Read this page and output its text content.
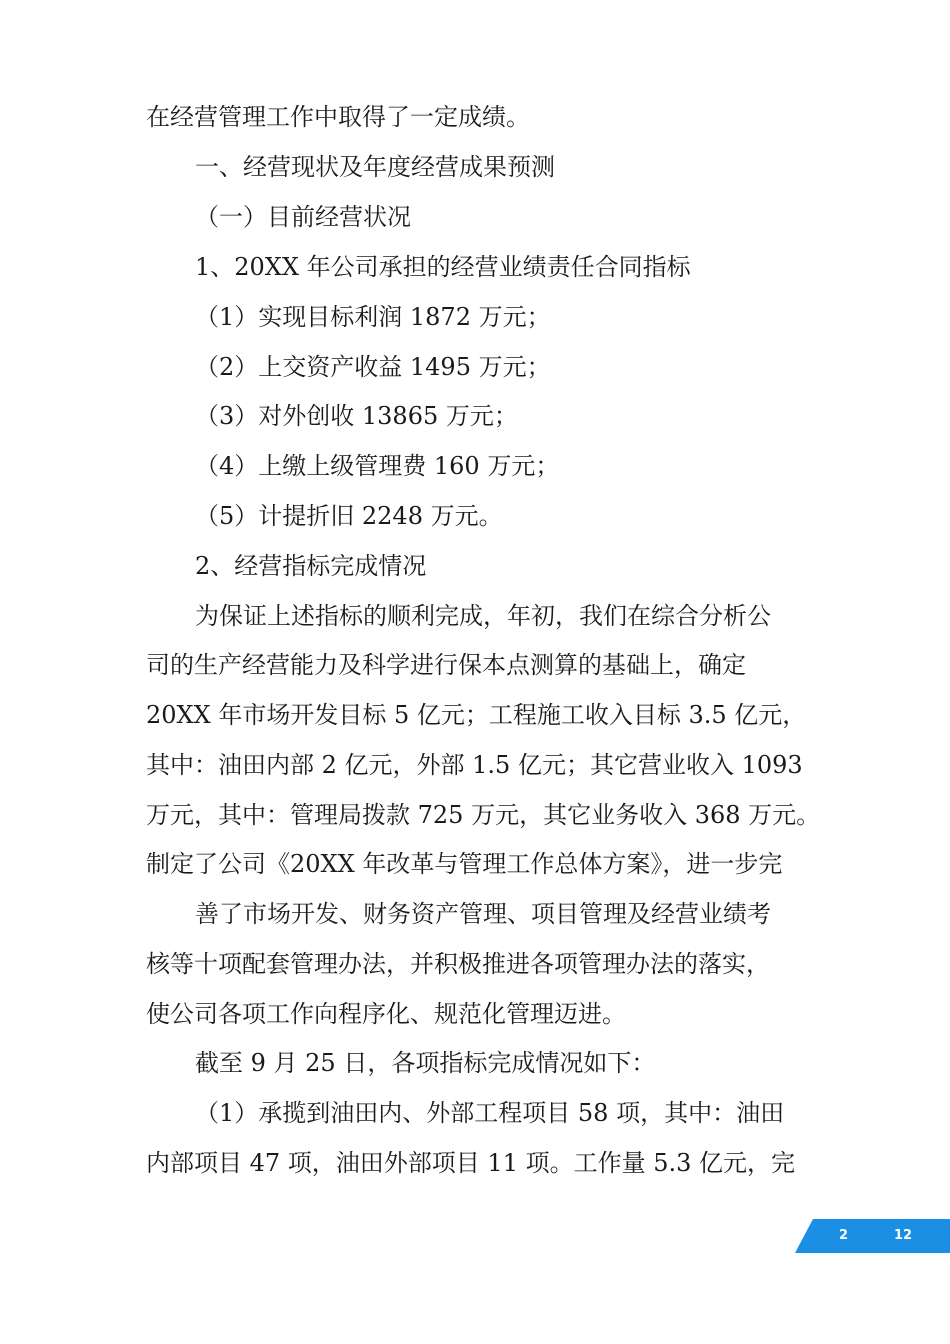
在经营管理工作中取得了一定成绩。
一、经营现状及年度经营成果预测
（一）目前经营状况
1、20XX 年公司承担的经营业绩责任合同指标
（1）实现目标利润 1872 万元；
（2）上交资产收益 1495 万元；
（3）对外创收 13865 万元；
（4）上缴上级管理费 160 万元；
（5）计提折旧 2248 万元。
2、经营指标完成情况
为保证上述指标的顺利完成，年初，我们在综合分析公
司的生产经营能力及科学进行保本点测算的基础上，确定
20XX 年市场开发目标 5 亿元；工程施工收入目标 3.5 亿元，
其中：油田内部 2 亿元，外部 1.5 亿元；其它营业收入 1093
万元，其中：管理局拨款 725 万元，其它业务收入 368 万元。
制定了公司《20XX 年改革与管理工作总体方案》，进一步完
善了市场开发、财务资产管理、项目管理及经营业绩考
核等十项配套管理办法，并积极推进各项管理办法的落实，
使公司各项工作向程序化、规范化管理迈进。
截至 9 月 25 日，各项指标完成情况如下：
（1）承揽到油田内、外部工程项目 58 项，其中：油田
内部项目 47 项，油田外部项目 11 项。工作量 5.3 亿元，完
2	12
